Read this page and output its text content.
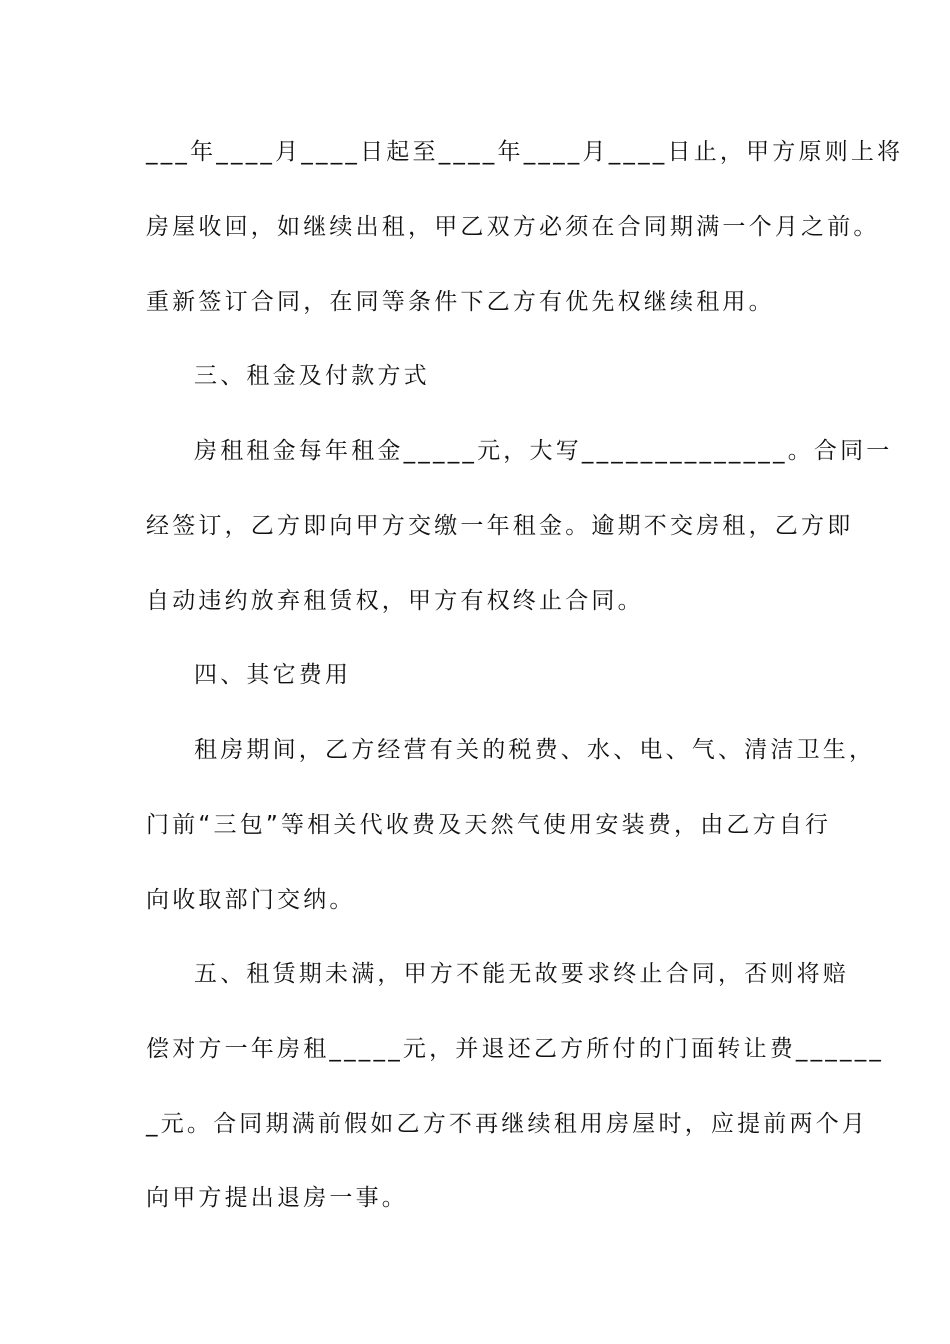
___年____月____日起至____年____月____日止，甲方原则上将
房屋收回，如继续出租，甲乙双方必须在合同期满一个月之前。
重新签订合同，在同等条件下乙方有优先权继续租用。
三、租金及付款方式
房租租金每年租金_____元，大写______________。合同一
经签订，乙方即向甲方交缴一年租金。逾期不交房租，乙方即
自动违约放弃租赁权，甲方有权终止合同。
四、其它费用
租房期间，乙方经营有关的税费、水、电、气、清洁卫生，
门前“三包”等相关代收费及天然气使用安装费，由乙方自行
向收取部门交纳。
五、租赁期未满，甲方不能无故要求终止合同，否则将赔
偿对方一年房租_____元，并退还乙方所付的门面转让费______
_元。合同期满前假如乙方不再继续租用房屋时，应提前两个月
向甲方提出退房一事。
